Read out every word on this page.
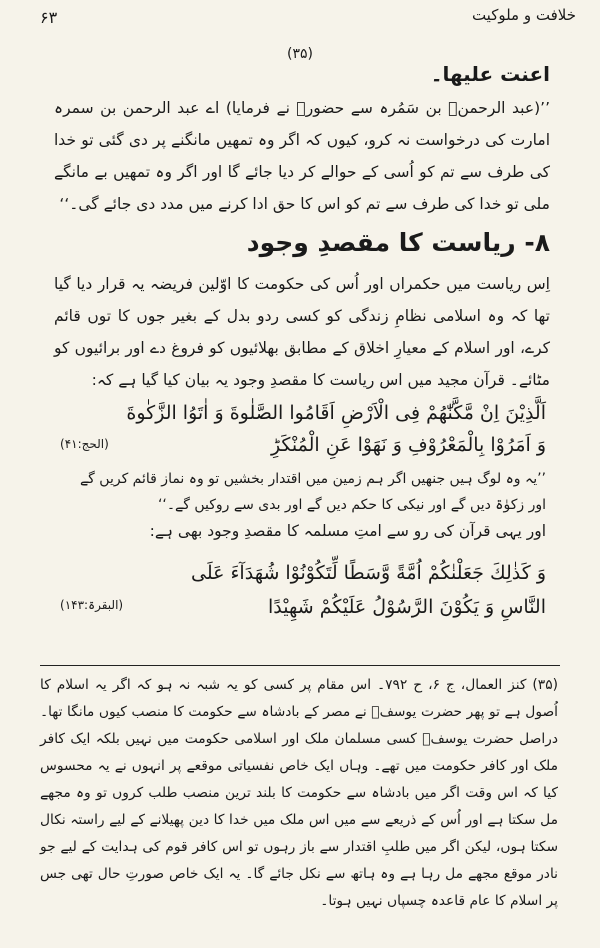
خلافت و ملوکیت
۶۳
(۳۵)
اعنت علیھا۔
’’(عبد الرحمنؓ بن سَمُرہ سے حضورؐ نے فرمایا) اے عبد الرحمن بن سمرہ امارت کی درخواست نہ کرو، کیوں کہ اگر وہ تمھیں مانگنے پر دی گئی تو خدا کی طرف سے تم کو اُسی کے حوالے کر دیا جائے گا اور اگر وہ تمھیں بے مانگے ملی تو خدا کی طرف سے تم کو اس کا حق ادا کرنے میں مدد دی جائے گی۔‘‘
۸- ریاست کا مقصدِ وجود
اِس ریاست میں حکمراں اور اُس کی حکومت کا اوّلین فریضہ یہ قرار دیا گیا تھا کہ وہ اسلامی نظامِ زندگی کو کسی ردو بدل کے بغیر جوں کا توں قائم کرے، اور اسلام کے معیارِ اخلاق کے مطابق بھلائیوں کو فروغ دے اور برائیوں کو مٹائے۔ قرآن مجید میں اس ریاست کا مقصدِ وجود یہ بیان کیا گیا ہے کہ:
اَلَّذِیْنَ اِنْ مَّكَّنّٰهُمْ فِی الْاَرْضِ اَقَامُوا الصَّلٰوةَ وَ اٰتَوُا الزَّكٰوةَ
وَ اَمَرُوْا بِالْمَعْرُوْفِ وَ نَهَوْا عَنِ الْمُنْكَرِؕ
(الحج:۴۱)
’’یہ وہ لوگ ہیں جنھیں اگر ہم زمین میں اقتدار بخشیں تو وہ نماز قائم کریں گے اور زکوٰۃ دیں گے اور نیکی کا حکم دیں گے اور بدی سے روکیں گے۔‘‘
اور یہی قرآن کی رو سے امتِ مسلمہ کا مقصدِ وجود بھی ہے:
وَ كَذٰلِكَ جَعَلْنٰكُمْ اُمَّةً وَّسَطًا لِّتَكُوْنُوْا شُهَدَآءَ عَلَى
النَّاسِ وَ یَكُوْنَ الرَّسُوْلُ عَلَیْكُمْ شَهِیْدًا
(البقرۃ:۱۴۳)
(۳۵) کنز العمال، ج ۶، ح ۷۹۲۔ اس مقام پر کسی کو یہ شبہ نہ ہو کہ اگر یہ اسلام کا اُصول ہے تو پھر حضرت یوسفؑ نے مصر کے بادشاہ سے حکومت کا منصب کیوں مانگا تھا۔ دراصل حضرت یوسفؑ کسی مسلمان ملک اور اسلامی حکومت میں نہیں بلکہ ایک کافر ملک اور کافر حکومت میں تھے۔ وہاں ایک خاص نفسیاتی موقعے پر انہوں نے یہ محسوس کیا کہ اس وقت اگر میں بادشاہ سے حکومت کا بلند ترین منصب طلب کروں تو وہ مجھے مل سکتا ہے اور اُس کے ذریعے سے میں اس ملک میں خدا کا دین پھیلانے کے لیے راستہ نکال سکتا ہوں، لیکن اگر میں طلبِ اقتدار سے باز رہوں تو اس کافر قوم کی ہدایت کے لیے جو نادر موقع مجھے مل رہا ہے وہ ہاتھ سے نکل جائے گا۔ یہ ایک خاص صورتِ حال تھی جس پر اسلام کا عام قاعدہ چسپاں نہیں ہوتا۔
